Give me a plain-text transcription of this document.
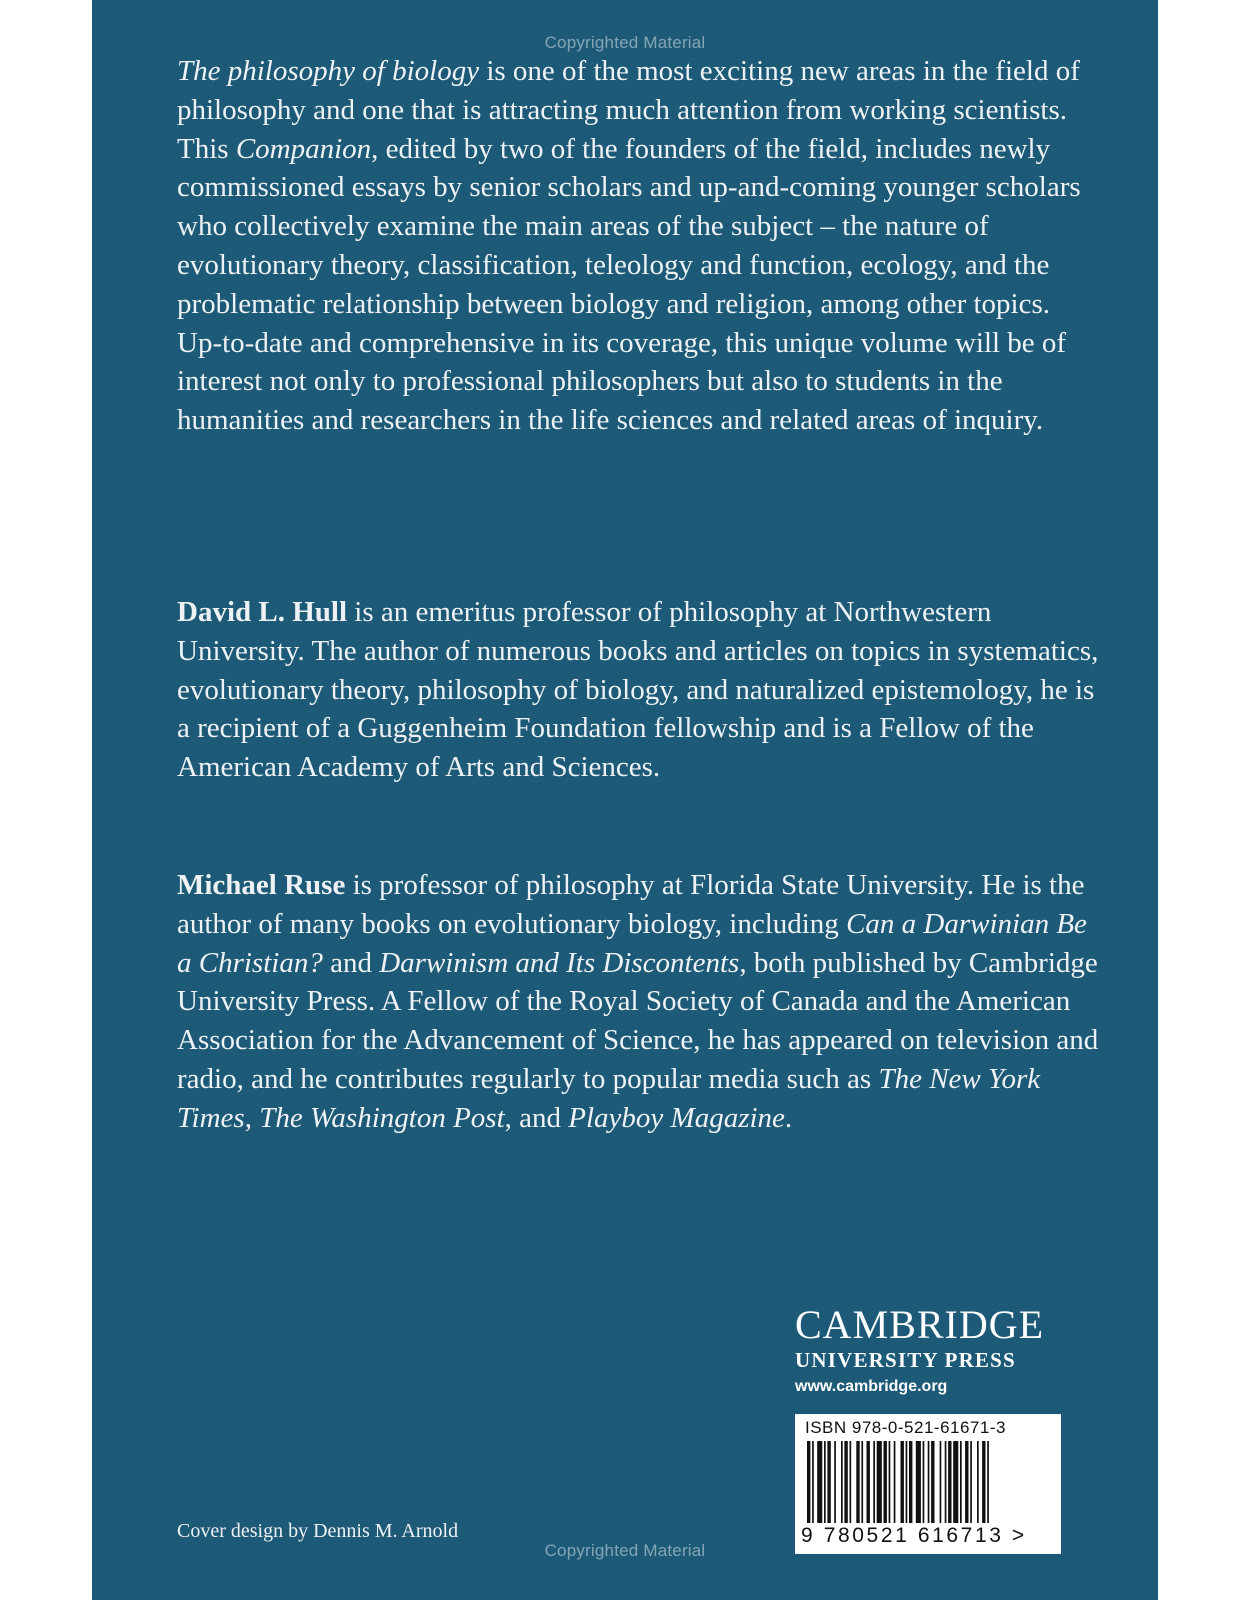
Copyrighted Material

The philosophy of biology is one of the most exciting new areas in the field of philosophy and one that is attracting much attention from working scientists. This Companion, edited by two of the founders of the field, includes newly commissioned essays by senior scholars and up-and-coming younger scholars who collectively examine the main areas of the subject – the nature of evolutionary theory, classification, teleology and function, ecology, and the problematic relationship between biology and religion, among other topics. Up-to-date and comprehensive in its coverage, this unique volume will be of interest not only to professional philosophers but also to students in the humanities and researchers in the life sciences and related areas of inquiry.

David L. Hull is an emeritus professor of philosophy at Northwestern University. The author of numerous books and articles on topics in systematics, evolutionary theory, philosophy of biology, and naturalized epistemology, he is a recipient of a Guggenheim Foundation fellowship and is a Fellow of the American Academy of Arts and Sciences.

Michael Ruse is professor of philosophy at Florida State University. He is the author of many books on evolutionary biology, including Can a Darwinian Be a Christian? and Darwinism and Its Discontents, both published by Cambridge University Press. A Fellow of the Royal Society of Canada and the American Association for the Advancement of Science, he has appeared on television and radio, and he contributes regularly to popular media such as The New York Times, The Washington Post, and Playboy Magazine.

CAMBRIDGE
UNIVERSITY PRESS
www.cambridge.org
ISBN 978-0-521-61671-3
9 780521 616713 >
Cover design by Dennis M. Arnold
Copyrighted Material
